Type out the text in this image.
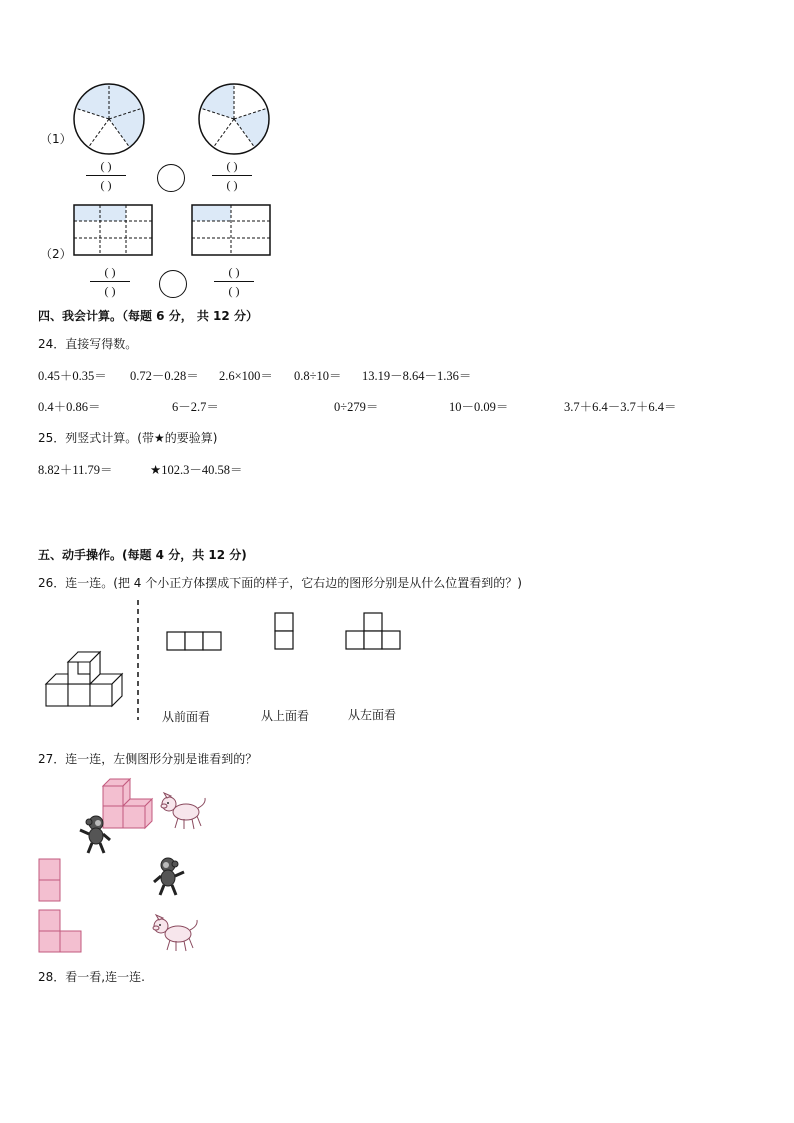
（1）
( )
( )
( )
( )
（2）
( )
( )
( )
( )
四、我会计算。（每题 6 分， 共 12 分）
24．直接写得数。
0.45＋0.35＝ 0.72－0.28＝ 2.6×100＝ 0.8÷10＝ 13.19－8.64－1.36＝
0.4＋0.86＝	6－2.7＝	0÷279＝	10－0.09＝	3.7＋6.4－3.7＋6.4＝
25．列竖式计算。(带★的要验算)
8.82＋11.79＝	★102.3－40.58＝
五、动手操作。(每题 4 分，共 12 分)
26．连一连。(把 4 个小正方体摆成下面的样子，它右边的图形分别是从什么位置看到的？)
从前面看	从上面看	从左面看
27．连一连，左侧图形分别是谁看到的？
28．看一看,连一连.
